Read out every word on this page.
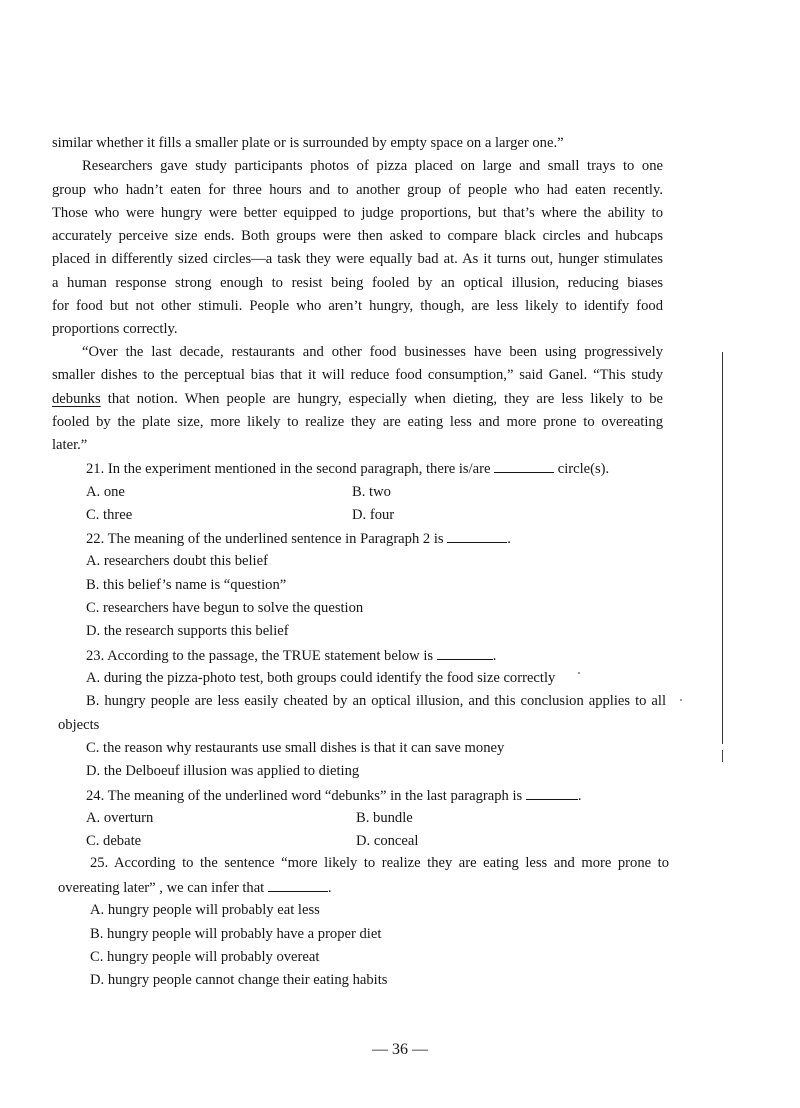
similar whether it fills a smaller plate or is surrounded by empty space on a larger one.”
Researchers gave study participants photos of pizza placed on large and small trays to one
group who hadn’t eaten for three hours and to another group of people who had eaten recently.
Those who were hungry were better equipped to judge proportions, but that’s where the ability to
accurately perceive size ends. Both groups were then asked to compare black circles and hubcaps
placed in differently sized circles—a task they were equally bad at. As it turns out, hunger stimulates
a human response strong enough to resist being fooled by an optical illusion, reducing biases
for food but not other stimuli. People who aren’t hungry, though, are less likely to identify food
proportions correctly.
“Over the last decade, restaurants and other food businesses have been using progressively
smaller dishes to the perceptual bias that it will reduce food consumption,” said Ganel. “This study
debunks that notion. When people are hungry, especially when dieting, they are less likely to be
fooled by the plate size, more likely to realize they are eating less and more prone to overeating
later.”
21. In the experiment mentioned in the second paragraph, there is/are	circle(s).
A. one	B. two
C. three	D. four
22. The meaning of the underlined sentence in Paragraph 2 is	.
A. researchers doubt this belief
B. this belief’s name is “question”
C. researchers have begun to solve the question
D. the research supports this belief
23. According to the passage, the TRUE statement below is	.
A. during the pizza-photo test, both groups could identify the food size correctly
B. hungry people are less easily cheated by an optical illusion, and this conclusion applies to all
objects
C. the reason why restaurants use small dishes is that it can save money
D. the Delboeuf illusion was applied to dieting
24. The meaning of the underlined word “debunks” in the last paragraph is	.
A. overturn	B. bundle
C. debate	D. conceal
25. According to the sentence “more likely to realize they are eating less and more prone to
overeating later” , we can infer that	.
A. hungry people will probably eat less
B. hungry people will probably have a proper diet
C. hungry people will probably overeat
D. hungry people cannot change their eating habits
— 36 —
